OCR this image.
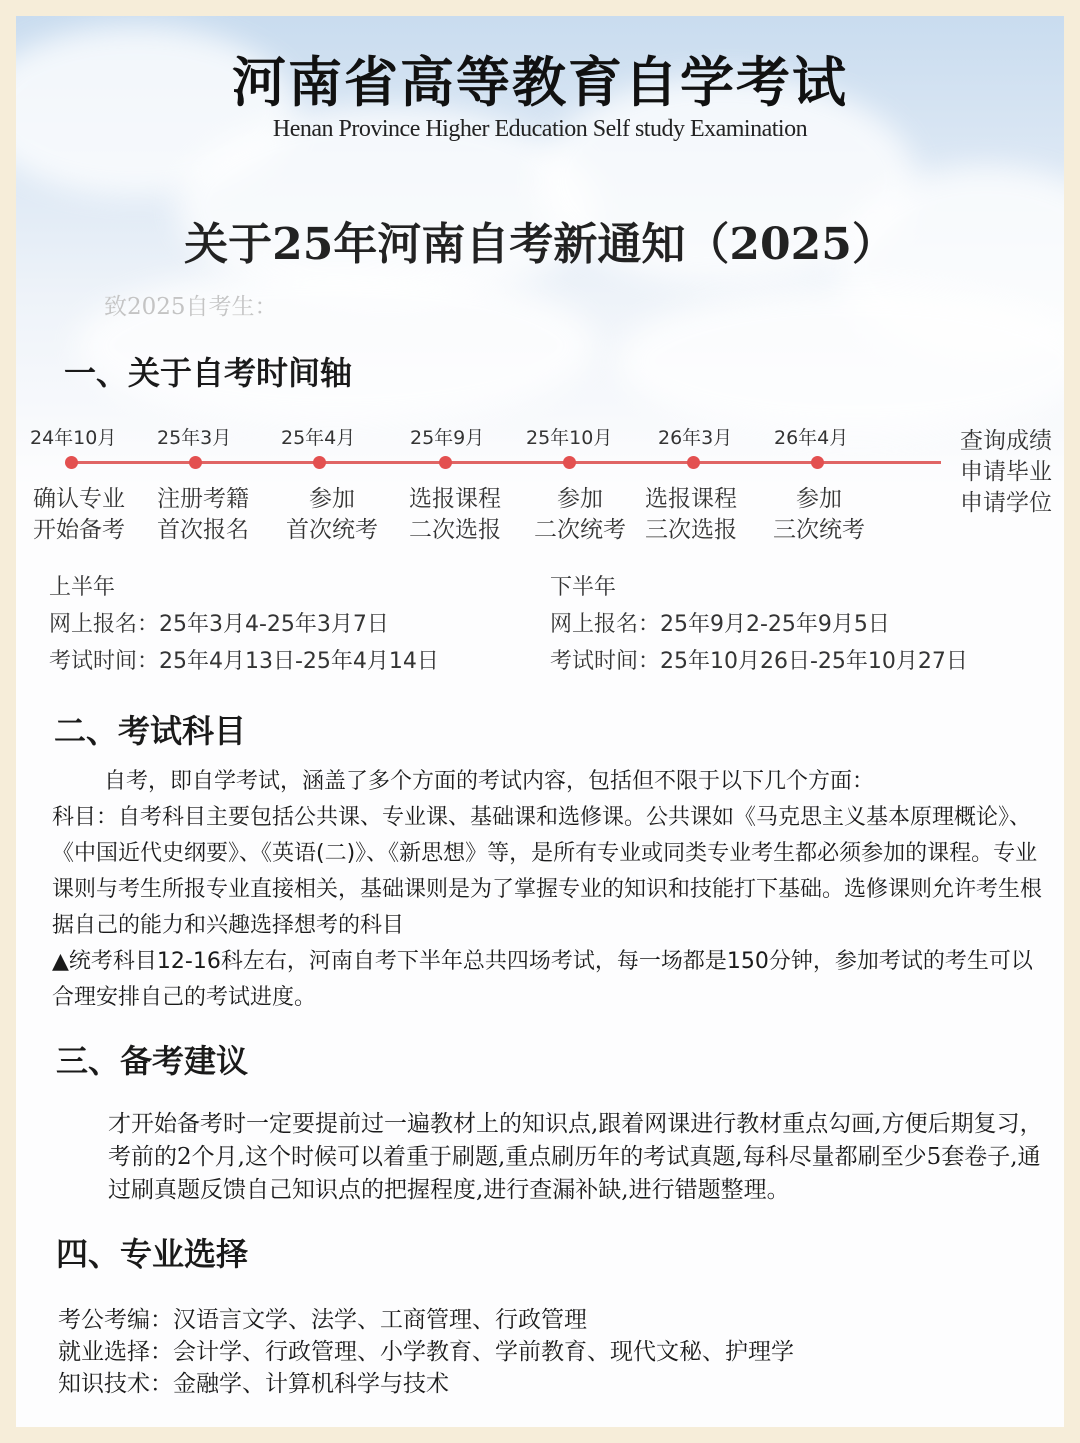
河南省高等教育自学考试
Henan Province Higher Education Self study Examination
关于25年河南自考新通知（2025）
致2025自考生：
一、关于自考时间轴
24年10月
确认专业
开始备考
25年3月
注册考籍
首次报名
25年4月
参加
首次统考
25年9月
选报课程
二次选报
25年10月
参加
二次统考
26年3月
选报课程
三次选报
26年4月
参加
三次统考
查询成绩
申请毕业
申请学位
上半年
网上报名：25年3月4-25年3月7日
考试时间：25年4月13日-25年4月14日
下半年
网上报名：25年9月2-25年9月5日
考试时间：25年10月26日-25年10月27日
二、考试科目

自考，即自学考试，涵盖了多个方面的考试内容，包括但不限于以下几个方面：

科目：自考科目主要包括公共课、专业课、基础课和选修课。公共课如《马克思主义基本原理概论》、《中国近代史纲要》、《英语(二)》、《新思想》等，是所有专业或同类专业考生都必须参加的课程。专业课则与考生所报专业直接相关，基础课则是为了掌握专业的知识和技能打下基础。选修课则允许考生根据自己的能力和兴趣选择想考的科目

▲统考科目12-16科左右，河南自考下半年总共四场考试，每一场都是150分钟，参加考试的考生可以合理安排自己的考试进度。

三、备考建议

才开始备考时一定要提前过一遍教材上的知识点,跟着网课进行教材重点勾画,方便后期复习，考前的2个月,这个时候可以着重于刷题,重点刷历年的考试真题,每科尽量都刷至少5套卷子,通过刷真题反馈自己知识点的把握程度,进行查漏补缺,进行错题整理。

四、专业选择
考公考编：汉语言文学、法学、工商管理、行政管理
就业选择：会计学、行政管理、小学教育、学前教育、现代文秘、护理学
知识技术：金融学、计算机科学与技术
